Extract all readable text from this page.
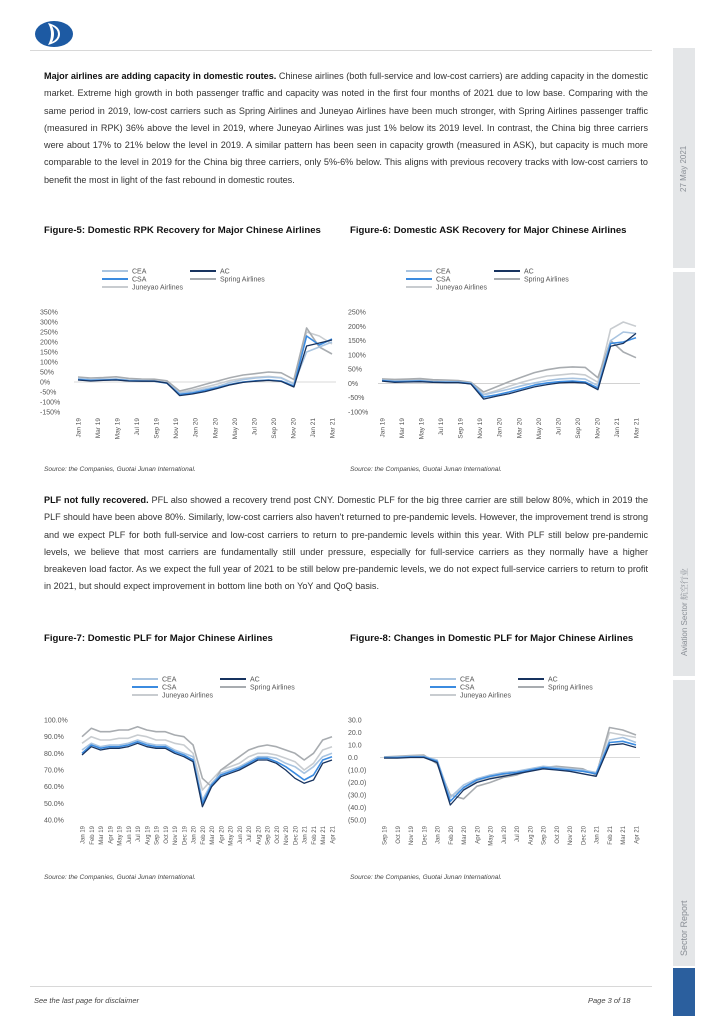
27 May 2021
Aviation Sector 航空行业
Sector Report
Major airlines are adding capacity in domestic routes. Chinese airlines (both full-service and low-cost carriers) are adding capacity in the domestic market. Extreme high growth in both passenger traffic and capacity was noted in the first four months of 2021 due to low base. Comparing with the same period in 2019, low-cost carriers such as Spring Airlines and Juneyao Airlines have been much stronger, with Spring Airlines passenger traffic (measured in RPK) 36% above the level in 2019, where Juneyao Airlines was just 1% below its 2019 level. In contrast, the China big three carriers were about 17% to 21% below the level in 2019. A similar pattern has been seen in capacity growth (measured in ASK), but capacity is much more comparable to the level in 2019 for the China big three carriers, only 5%-6% below. This aligns with previous recovery tracks with low-cost carriers to benefit the most in light of the fast rebound in domestic routes.
Figure-5: Domestic RPK Recovery for Major Chinese Airlines	Figure-6: Domestic ASK Recovery for Major Chinese Airlines
CEA	AC
CSA	Spring Airlines
Juneyao Airlines
350%
300%
250%
200%
150%
100%
50%
0%
-50%
-100%
-150%
Jan 19 Mar 19 May 19 Jul 19 Sep 19 Nov 19 Jan 20 Mar 20 May 20 Jul 20 Sep 20 Nov 20 Jan 21 Mar 21
CEA	AC
CSA	Spring Airlines
Juneyao Airlines
250%
200%
150%
100%
50%
0%
-50%
-100%
Jan 19 Mar 19 May 19 Jul 19 Sep 19 Nov 19 Jan 20 Mar 20 May 20 Jul 20 Sep 20 Nov 20 Jan 21 Mar 21
Source: the Companies, Guotai Junan International.	Source: the Companies, Guotai Junan International.
PLF not fully recovered. PFL also showed a recovery trend post CNY. Domestic PLF for the big three carrier are still below 80%, which in 2019 the PLF should have been above 80%. Similarly, low-cost carriers also haven't returned to pre-pandemic levels. However, the improvement trend is strong and we expect PLF for both full-service and low-cost carriers to return to pre-pandemic levels within this year. With PLF still below pre-pandemic levels, we believe that most carriers are fundamentally still under pressure, especially for full-service carriers as they normally have a higher breakeven load factor. As we expect the full year of 2021 to be still below pre-pandemic levels, we do not expect full-service carriers to return to profit in 2021, but should expect improvement in bottom line both on YoY and QoQ basis.
Figure-7: Domestic PLF for Major Chinese Airlines	Figure-8: Changes in Domestic PLF for Major Chinese Airlines
CEA	AC
CSA	Spring Airlines
Juneyao Airlines
100.0%
90.0%
80.0%
70.0%
60.0%
50.0%
40.0%
Jan 19 Feb 19 Mar 19 Apr 19 May 19 Jun 19 Jul 19 Aug 19 Sep 19 Oct 19 Nov 19 Dec 19 Jan 20 Feb 20 Mar 20 Apr 20 May 20 Jun 20 Jul 20 Aug 20 Sep 20 Oct 20 Nov 20 Dec 20 Jan 21 Feb 21 Mar 21 Apr 21
CEA	AC
CSA	Spring Airlines
Juneyao Airlines
30.0
20.0
10.0
0.0
(10.0)
(20.0)
(30.0)
(40.0)
(50.0)
Sep 19 Oct 19 Nov 19 Dec 19 Jan 20 Feb 20 Mar 20 Apr 20 May 20 Jun 20 Jul 20 Aug 20 Sep 20 Oct 20 Nov 20 Dec 20 Jan 21 Feb 21 Mar 21 Apr 21
Source: the Companies, Guotai Junan International.	Source: the Companies, Guotai Junan International.
See the last page for disclaimer	Page 3 of 18
